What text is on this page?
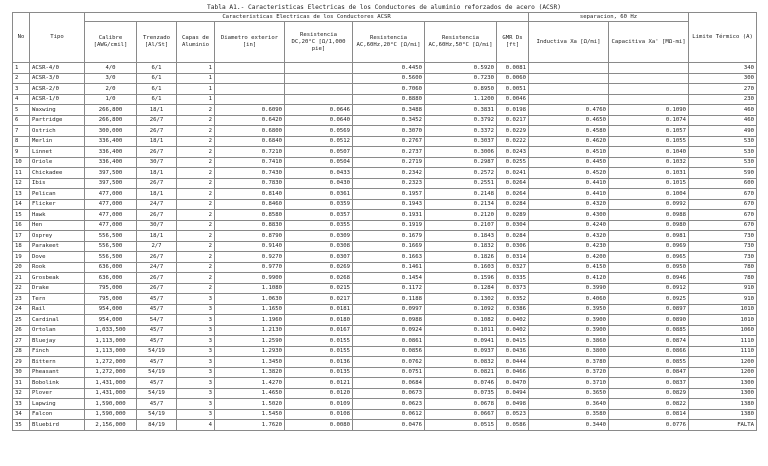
Tabla A1.- Caracteristicas Electricas de los Conductores de aluminio reforzados de acero (ACSR)
No	Tipo	Caracteristicas Electricas de los Conductores ACSR								separacion, 60 Hz		Limite Térmico (A)
		Calibre [AWG/cmil]	Trenzado [Al/St]	Capas de Aluminio	Diametro exterior [in]	Resistencia DC,20°C [Ω/1,000 pie]	Resistencia AC,60Hz,20°C [Ω/mi]	Resistencia AC,60Hz,50°C [Ω/mi]	GMR Ds [ft]	Inductiva Xa [Ω/mi]	Capacitiva Xa' [MΩ-mi]	
1	ACSR-4/0	4/0	6/1	1			0.4450	0.5920	0.0081			340
2	ACSR-3/0	3/0	6/1	1			0.5600	0.7230	0.0060			300
3	ACSR-2/0	2/0	6/1	1			0.7060	0.8950	0.0051			270
4	ACSR-1/0	1/0	6/1	1			0.8880	1.1200	0.0046			230
5	Waxwing	266,800	18/1	2	0.6090	0.0646	0.3488	0.3831	0.0198	0.4760	0.1090	460
6	Partridge	266,800	26/7	2	0.6420	0.0640	0.3452	0.3792	0.0217	0.4650	0.1074	460
7	Ostrich	300,000	26/7	2	0.6800	0.0569	0.3070	0.3372	0.0229	0.4580	0.1057	490
8	Merlin	336,400	18/1	2	0.6840	0.0512	0.2767	0.3037	0.0222	0.4620	0.1055	530
9	Linnet	336,400	26/7	2	0.7210	0.0507	0.2737	0.3006	0.0243	0.4510	0.1040	530
10	Oriole	336,400	30/7	2	0.7410	0.0504	0.2719	0.2987	0.0255	0.4450	0.1032	530
11	Chickadee	397,500	18/1	2	0.7430	0.0433	0.2342	0.2572	0.0241	0.4520	0.1031	590
12	Ibis	397,500	26/7	2	0.7830	0.0430	0.2323	0.2551	0.0264	0.4410	0.1015	600
13	Pelican	477,000	18/1	2	0.8140	0.0361	0.1957	0.2148	0.0264	0.4410	0.1004	670
14	Flicker	477,000	24/7	2	0.8460	0.0359	0.1943	0.2134	0.0284	0.4320	0.0992	670
15	Hawk	477,000	26/7	2	0.8580	0.0357	0.1931	0.2120	0.0289	0.4300	0.0988	670
16	Hen	477,000	30/7	2	0.8830	0.0355	0.1919	0.2107	0.0304	0.4240	0.0980	670
17	Osprey	556,500	18/1	2	0.8790	0.0309	0.1679	0.1843	0.0284	0.4320	0.0981	730
18	Parakeet	556,500	2/7	2	0.9140	0.0308	0.1669	0.1832	0.0306	0.4230	0.0969	730
19	Dove	556,500	26/7	2	0.9270	0.0307	0.1663	0.1826	0.0314	0.4200	0.0965	730
20	Rook	636,000	24/7	2	0.9770	0.0269	0.1461	0.1603	0.0327	0.4150	0.0950	780
21	Grosbeak	636,000	26/7	2	0.9900	0.0268	0.1454	0.1596	0.0335	0.4120	0.0946	780
22	Drake	795,000	26/7	2	1.1080	0.0215	0.1172	0.1284	0.0373	0.3990	0.0912	910
23	Tern	795,000	45/7	3	1.0630	0.0217	0.1188	0.1302	0.0352	0.4060	0.0925	910
24	Rail	954,000	45/7	3	1.1650	0.0181	0.0997	0.1092	0.0386	0.3950	0.0897	1010
25	Cardinal	954,000	54/7	3	1.1960	0.0180	0.0988	0.1082	0.0402	0.3900	0.0890	1010
26	Ortolan	1,033,500	45/7	3	1.2130	0.0167	0.0924	0.1011	0.0402	0.3900	0.0885	1060
27	Bluejay	1,113,000	45/7	3	1.2590	0.0155	0.0861	0.0941	0.0415	0.3860	0.0874	1110
28	Finch	1,113,000	54/19	3	1.2930	0.0155	0.0856	0.0937	0.0436	0.3800	0.0866	1110
29	Bittern	1,272,000	45/7	3	1.3450	0.0136	0.0762	0.0832	0.0444	0.3780	0.0855	1200
30	Pheasant	1,272,000	54/19	3	1.3820	0.0135	0.0751	0.0821	0.0466	0.3720	0.0847	1200
31	Bobolink	1,431,000	45/7	3	1.4270	0.0121	0.0684	0.0746	0.0470	0.3710	0.0837	1300
32	Plover	1,431,000	54/19	3	1.4650	0.0120	0.0673	0.0735	0.0494	0.3650	0.0829	1300
33	Lapwing	1,590,000	45/7	3	1.5020	0.0109	0.0623	0.0678	0.0498	0.3640	0.0822	1380
34	Falcon	1,590,000	54/19	3	1.5450	0.0108	0.0612	0.0667	0.0523	0.3580	0.0814	1380
35	Bluebird	2,156,000	84/19	4	1.7620	0.0080	0.0476	0.0515	0.0586	0.3440	0.0776	FALTA
